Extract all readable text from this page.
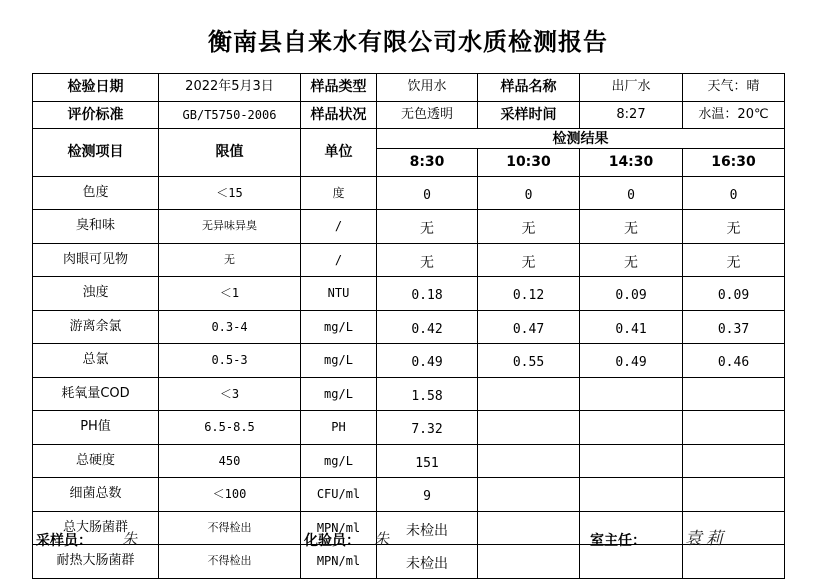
衡南县自来水有限公司水质检测报告
检验日期	2022年5月3日	样品类型	饮用水	样品名称	出厂水	天气：晴
评价标准	GB/T5750-2006	样品状况	无色透明	采样时间	8:27	水温：20℃
检测项目	限值	单位	检测结果			
			8:30	10:30	14:30	16:30
色度	＜15	度	0	0	0	0
臭和味	无异味异臭	/	无	无	无	无
肉眼可见物	无	/	无	无	无	无
浊度	＜1	NTU	0.18	0.12	0.09	0.09
游离余氯	0.3-4	mg/L	0.42	0.47	0.41	0.37
总氯	0.5-3	mg/L	0.49	0.55	0.49	0.46
耗氧量COD	＜3	mg/L	1.58			
PH值	6.5-8.5	PH	7.32			
总硬度	450	mg/L	151			
细菌总数	＜100	CFU/ml	9			
总大肠菌群	不得检出	MPN/ml	未检出			
耐热大肠菌群	不得检出	MPN/ml	未检出			
采样员： 朱	化验员： 朱	室主任： 袁莉
